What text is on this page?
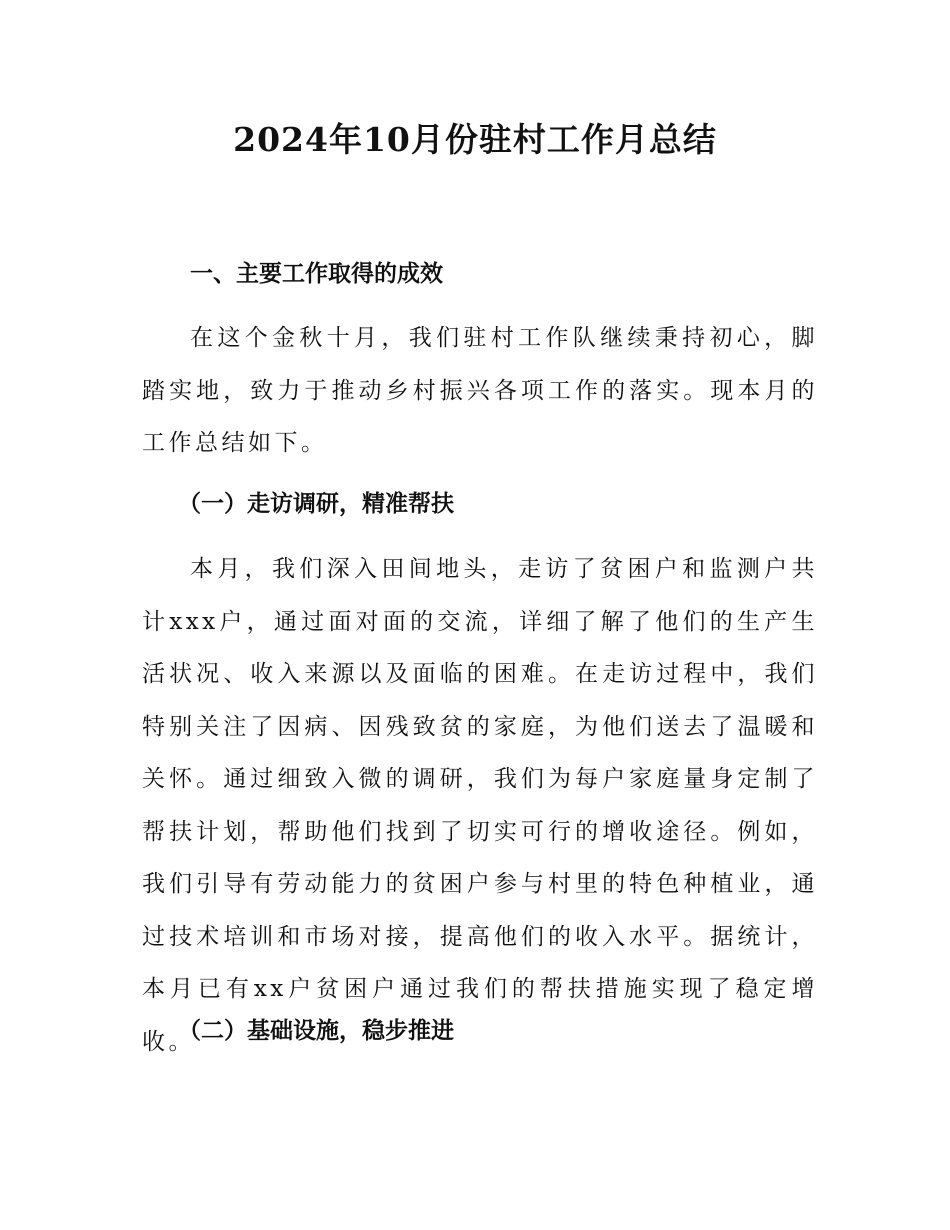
2024年10月份驻村工作月总结
一、主要工作取得的成效

在这个金秋十月，我们驻村工作队继续秉持初心，脚踏实地，致力于推动乡村振兴各项工作的落实。现本月的工作总结如下。

（一）走访调研，精准帮扶

本月，我们深入田间地头，走访了贫困户和监测户共计xxx户，通过面对面的交流，详细了解了他们的生产生活状况、收入来源以及面临的困难。在走访过程中，我们特别关注了因病、因残致贫的家庭，为他们送去了温暖和关怀。通过细致入微的调研，我们为每户家庭量身定制了帮扶计划，帮助他们找到了切实可行的增收途径。例如，我们引导有劳动能力的贫困户参与村里的特色种植业，通过技术培训和市场对接，提高他们的收入水平。据统计，本月已有xx户贫困户通过我们的帮扶措施实现了稳定增收。

（二）基础设施，稳步推进
